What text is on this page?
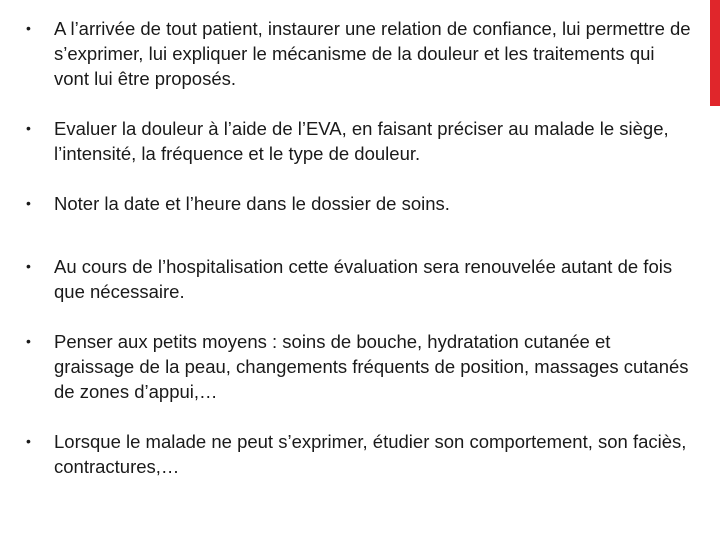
• A l’arrivée de tout patient, instaurer une relation de confiance, lui permettre de s’exprimer, lui expliquer le mécanisme de la douleur et les traitements qui vont lui être proposés.
• Evaluer la douleur à l’aide de l’EVA, en faisant préciser au malade le siège, l’intensité, la fréquence et le type de douleur.
• Noter la date et l’heure dans le dossier de soins.
• Au cours de l’hospitalisation cette évaluation sera renouvelée autant de fois que nécessaire.
• Penser aux petits moyens : soins de bouche, hydratation cutanée et graissage de la peau, changements fréquents de position, massages cutanés de zones d’appui,…
• Lorsque le malade ne peut s’exprimer, étudier son comportement, son faciès, contractures,…
